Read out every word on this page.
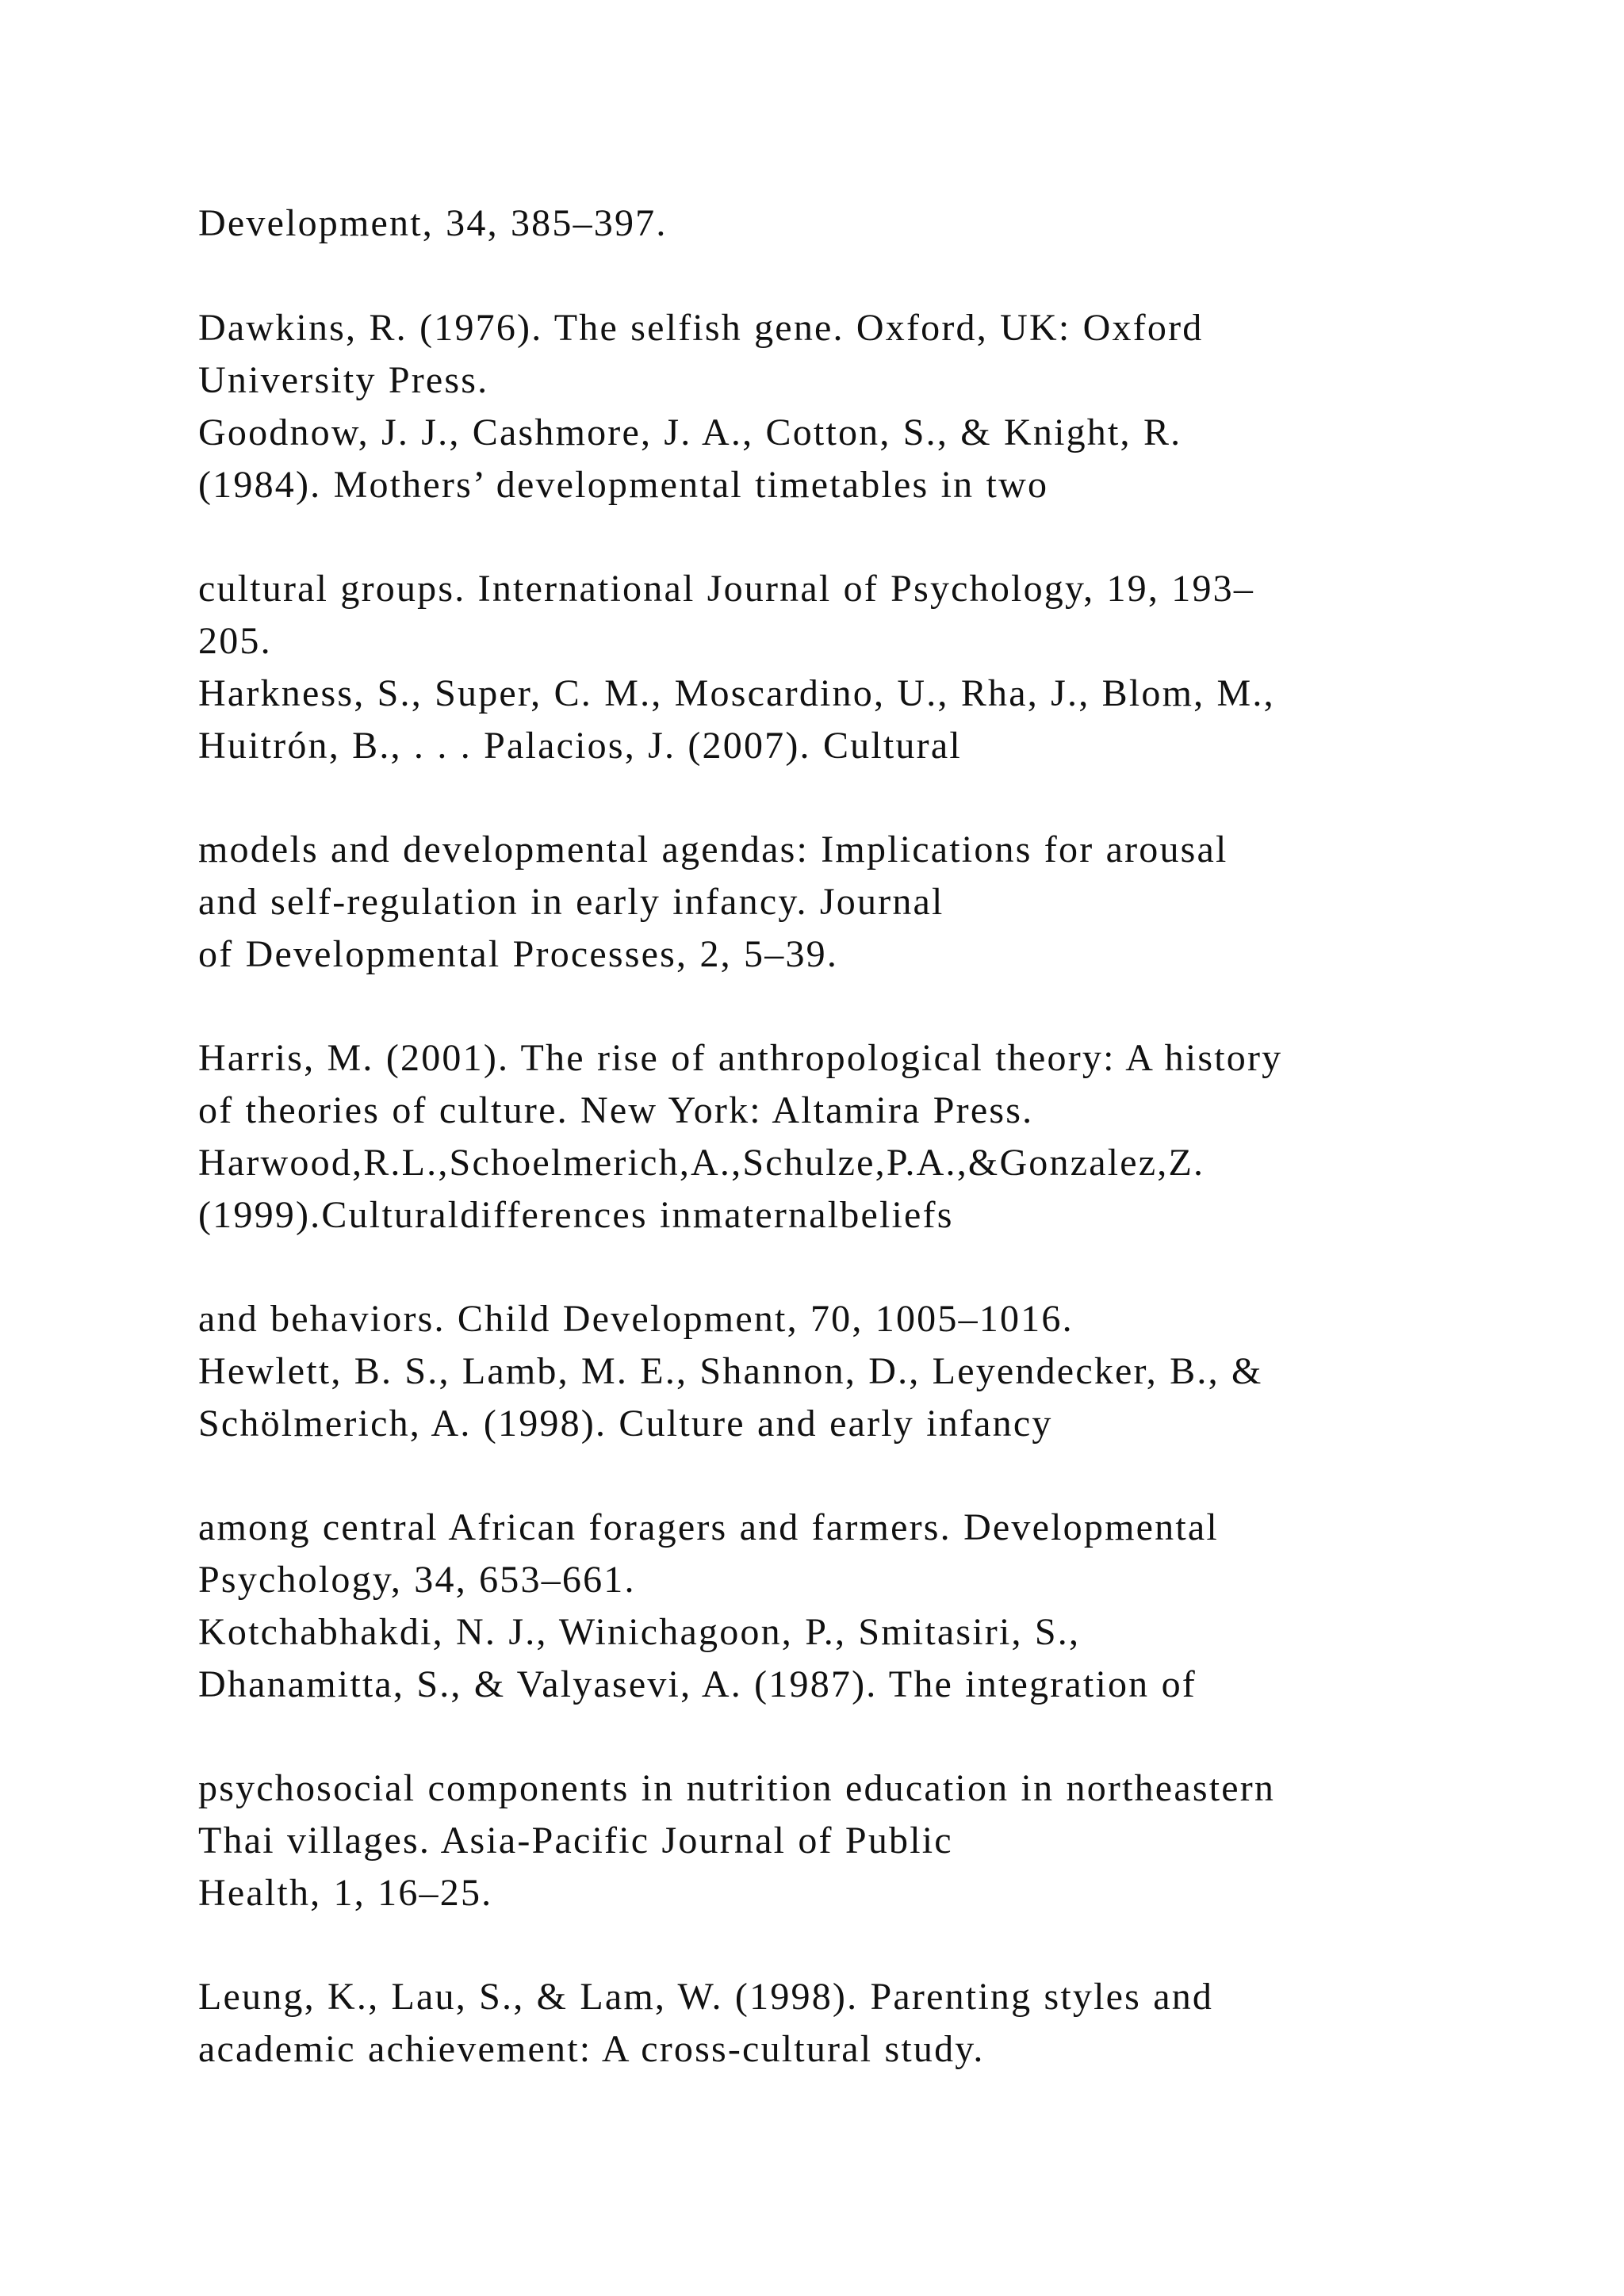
Development, 34, 385–397.
Dawkins, R. (1976). The selfish gene. Oxford, UK: Oxford
University Press.
Goodnow, J. J., Cashmore, J. A., Cotton, S., & Knight, R.
(1984). Mothers’ developmental timetables in two
cultural groups. International Journal of Psychology, 19, 193–
205.
Harkness, S., Super, C. M., Moscardino, U., Rha, J., Blom, M.,
Huitrón, B., . . . Palacios, J. (2007). Cultural
models and developmental agendas: Implications for arousal
and self-regulation in early infancy. Journal
of Developmental Processes, 2, 5–39.
Harris, M. (2001). The rise of anthropological theory: A history
of theories of culture. New York: Altamira Press.
Harwood,R.L.,Schoelmerich,A.,Schulze,P.A.,&Gonzalez,Z.
(1999).Culturaldifferences inmaternalbeliefs
and behaviors. Child Development, 70, 1005–1016.
Hewlett, B. S., Lamb, M. E., Shannon, D., Leyendecker, B., &
Schölmerich, A. (1998). Culture and early infancy
among central African foragers and farmers. Developmental
Psychology, 34, 653–661.
Kotchabhakdi, N. J., Winichagoon, P., Smitasiri, S.,
Dhanamitta, S., & Valyasevi, A. (1987). The integration of
psychosocial components in nutrition education in northeastern
Thai villages. Asia-Pacific Journal of Public
Health, 1, 16–25.
Leung, K., Lau, S., & Lam, W. (1998). Parenting styles and
academic achievement: A cross-cultural study.
